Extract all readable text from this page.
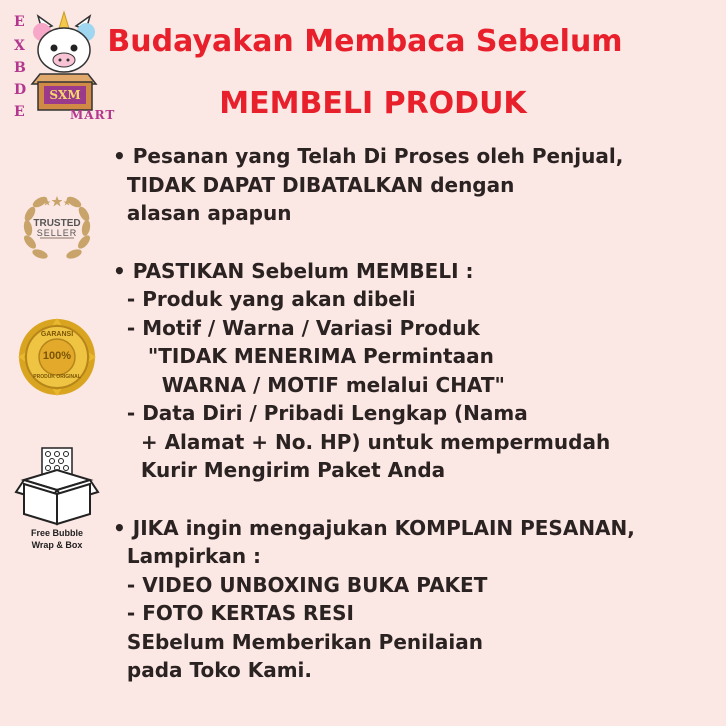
E
X
B
D
E
SXM
MART
Budayakan Membaca Sebelum
MEMBELI PRODUK
TRUSTED
SELLER
GARANSI
100%
PRODUK ORIGINAL
Free Bubble
Wrap & Box
• Pesanan yang Telah Di Proses oleh Penjual,
TIDAK DAPAT DIBATALKAN dengan
alasan apapun
• PASTIKAN Sebelum MEMBELI :
- Produk yang akan dibeli
- Motif / Warna / Variasi Produk
"TIDAK MENERIMA Permintaan
WARNA / MOTIF melalui CHAT"
- Data Diri / Pribadi Lengkap (Nama
+ Alamat + No. HP) untuk mempermudah
Kurir Mengirim Paket Anda
• JIKA ingin mengajukan KOMPLAIN PESANAN,
Lampirkan :
- VIDEO UNBOXING BUKA PAKET
- FOTO KERTAS RESI
SEbelum Memberikan Penilaian
pada Toko Kami.
